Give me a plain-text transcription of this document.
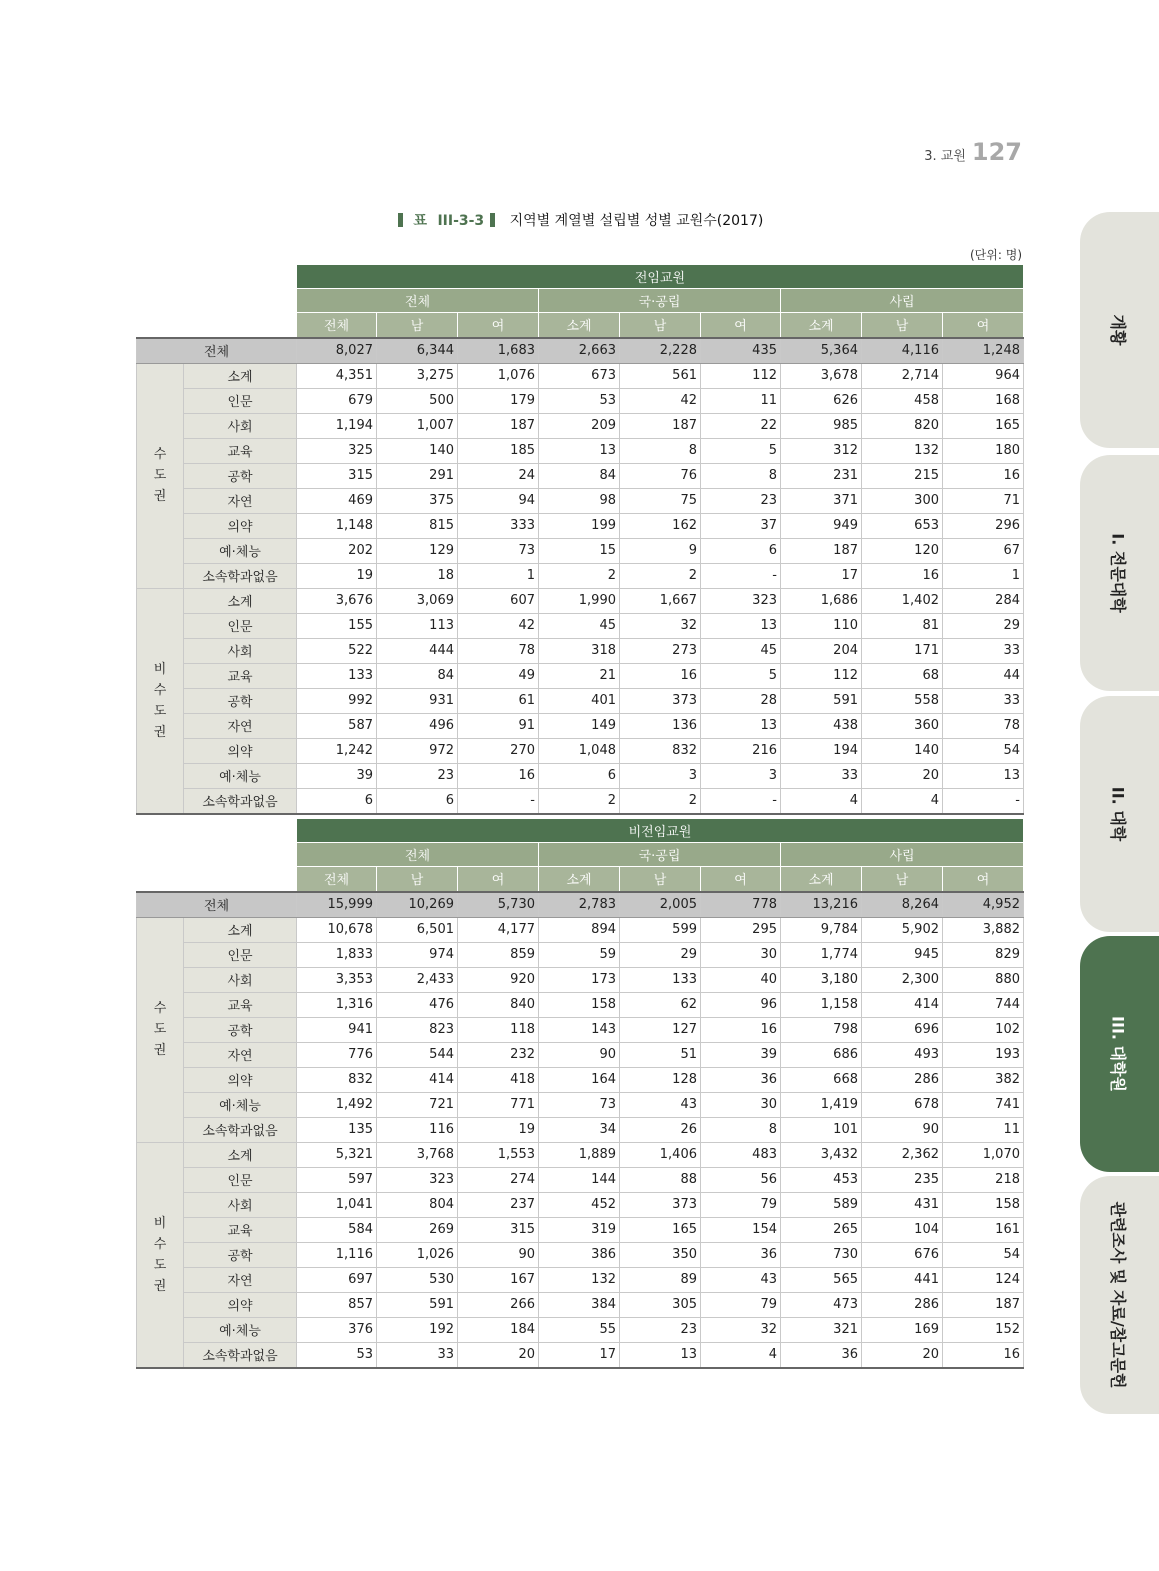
3. 교원 127
표 III-3-3 지역별 계열별 설립별 성별 교원수(2017)
(단위: 명)
		전임교원								
		전체			국·공립			사립		
		전체	남	여	소계	남	여	소계	남	여
전체		8,027	6,344	1,683	2,663	2,228	435	5,364	4,116	1,248
수
도
권	소계	4,351	3,275	1,076	673	561	112	3,678	2,714	964
	인문	679	500	179	53	42	11	626	458	168
	사회	1,194	1,007	187	209	187	22	985	820	165
	교육	325	140	185	13	8	5	312	132	180
	공학	315	291	24	84	76	8	231	215	16
	자연	469	375	94	98	75	23	371	300	71
	의약	1,148	815	333	199	162	37	949	653	296
	예·체능	202	129	73	15	9	6	187	120	67
	소속학과없음	19	18	1	2	2	-	17	16	1
비
수
도
권	소계	3,676	3,069	607	1,990	1,667	323	1,686	1,402	284
	인문	155	113	42	45	32	13	110	81	29
	사회	522	444	78	318	273	45	204	171	33
	교육	133	84	49	21	16	5	112	68	44
	공학	992	931	61	401	373	28	591	558	33
	자연	587	496	91	149	136	13	438	360	78
	의약	1,242	972	270	1,048	832	216	194	140	54
	예·체능	39	23	16	6	3	3	33	20	13
	소속학과없음	6	6	-	2	2	-	4	4	-
		비전임교원								
		전체			국·공립			사립		
		전체	남	여	소계	남	여	소계	남	여
전체		15,999	10,269	5,730	2,783	2,005	778	13,216	8,264	4,952
수
도
권	소계	10,678	6,501	4,177	894	599	295	9,784	5,902	3,882
	인문	1,833	974	859	59	29	30	1,774	945	829
	사회	3,353	2,433	920	173	133	40	3,180	2,300	880
	교육	1,316	476	840	158	62	96	1,158	414	744
	공학	941	823	118	143	127	16	798	696	102
	자연	776	544	232	90	51	39	686	493	193
	의약	832	414	418	164	128	36	668	286	382
	예·체능	1,492	721	771	73	43	30	1,419	678	741
	소속학과없음	135	116	19	34	26	8	101	90	11
비
수
도
권	소계	5,321	3,768	1,553	1,889	1,406	483	3,432	2,362	1,070
	인문	597	323	274	144	88	56	453	235	218
	사회	1,041	804	237	452	373	79	589	431	158
	교육	584	269	315	319	165	154	265	104	161
	공학	1,116	1,026	90	386	350	36	730	676	54
	자연	697	530	167	132	89	43	565	441	124
	의약	857	591	266	384	305	79	473	286	187
	예·체능	376	192	184	55	23	32	321	169	152
	소속학과없음	53	33	20	17	13	4	36	20	16
개황
I. 전문대학
II. 대학
III. 대학원
관련조사 및 자료/참고문헌
